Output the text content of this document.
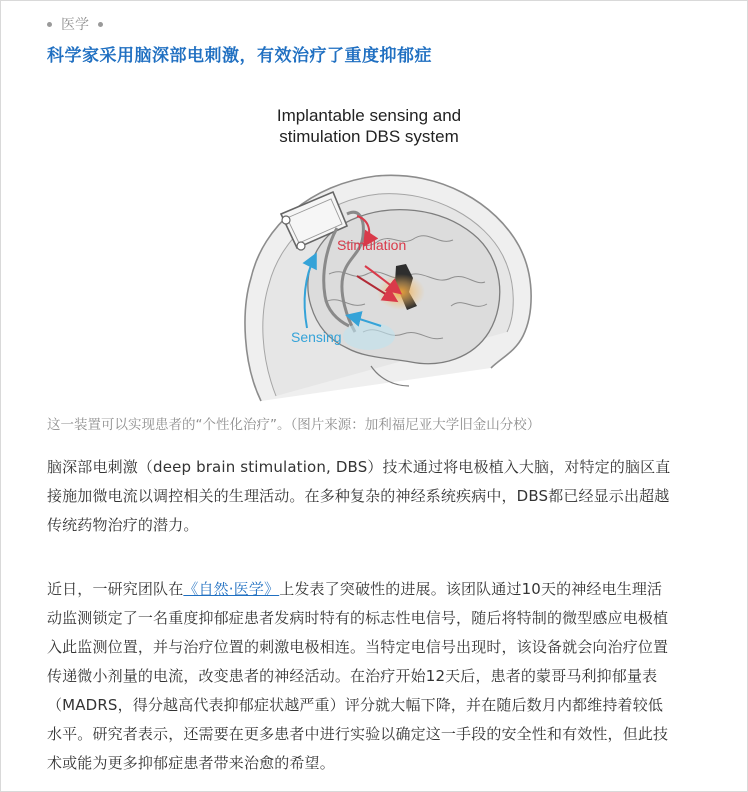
医学
科学家采用脑深部电刺激，有效治疗了重度抑郁症
Implantable sensing and
stimulation DBS system
Stimulation
Sensing
这一装置可以实现患者的“个性化治疗”。（图片来源：加利福尼亚大学旧金山分校）

脑深部电刺激（deep brain stimulation, DBS）技术通过将电极植入大脑，对特定的脑区直
接施加微电流以调控相关的生理活动。在多种复杂的神经系统疾病中，DBS都已经显示出超越
传统药物治疗的潜力。

近日，一研究团队在《自然·医学》上发表了突破性的进展。该团队通过10天的神经电生理活
动监测锁定了一名重度抑郁症患者发病时特有的标志性电信号，随后将特制的微型感应电极植
入此监测位置，并与治疗位置的刺激电极相连。当特定电信号出现时，该设备就会向治疗位置
传递微小剂量的电流，改变患者的神经活动。在治疗开始12天后，患者的蒙哥马利抑郁量表
（MADRS，得分越高代表抑郁症状越严重）评分就大幅下降，并在随后数月内都维持着较低
水平。研究者表示，还需要在更多患者中进行实验以确定这一手段的安全性和有效性，但此技
术或能为更多抑郁症患者带来治愈的希望。
